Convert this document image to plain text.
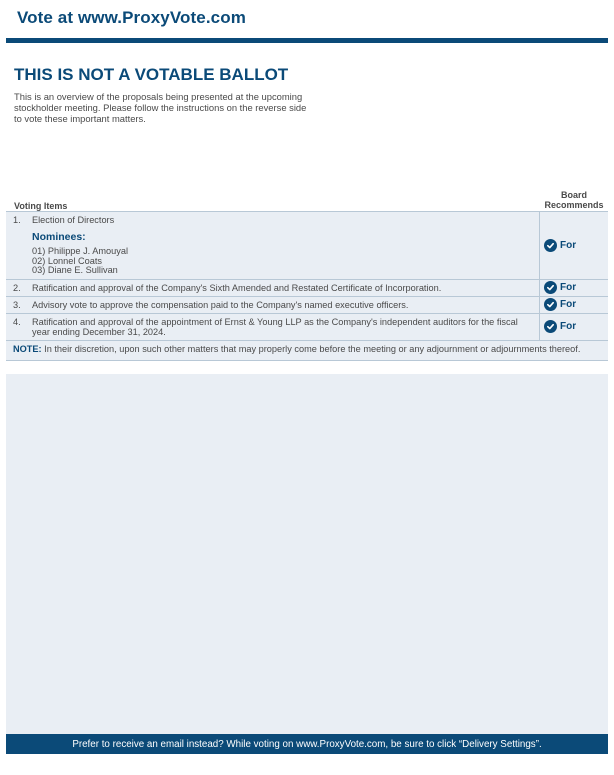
Vote at www.ProxyVote.com
THIS IS NOT A VOTABLE BALLOT
This is an overview of the proposals being presented at the upcoming stockholder meeting. Please follow the instructions on the reverse side to vote these important matters.
Voting Items
Board
Recommends
1.	Election of Directors
Nominees:
01) Philippe J. Amouyal
02) Lonnel Coats
03) Diane E. Sullivan
For
2.	Ratification and approval of the Company's Sixth Amended and Restated Certificate of Incorporation.	For
3.	Advisory vote to approve the compensation paid to the Company's named executive officers.	For
4.	Ratification and approval of the appointment of Ernst & Young LLP as the Company's independent auditors for the fiscal year ending December 31, 2024.	For
NOTE: In their discretion, upon such other matters that may properly come before the meeting or any adjournment or adjournments thereof.
Prefer to receive an email instead? While voting on www.ProxyVote.com, be sure to click “Delivery Settings”.
